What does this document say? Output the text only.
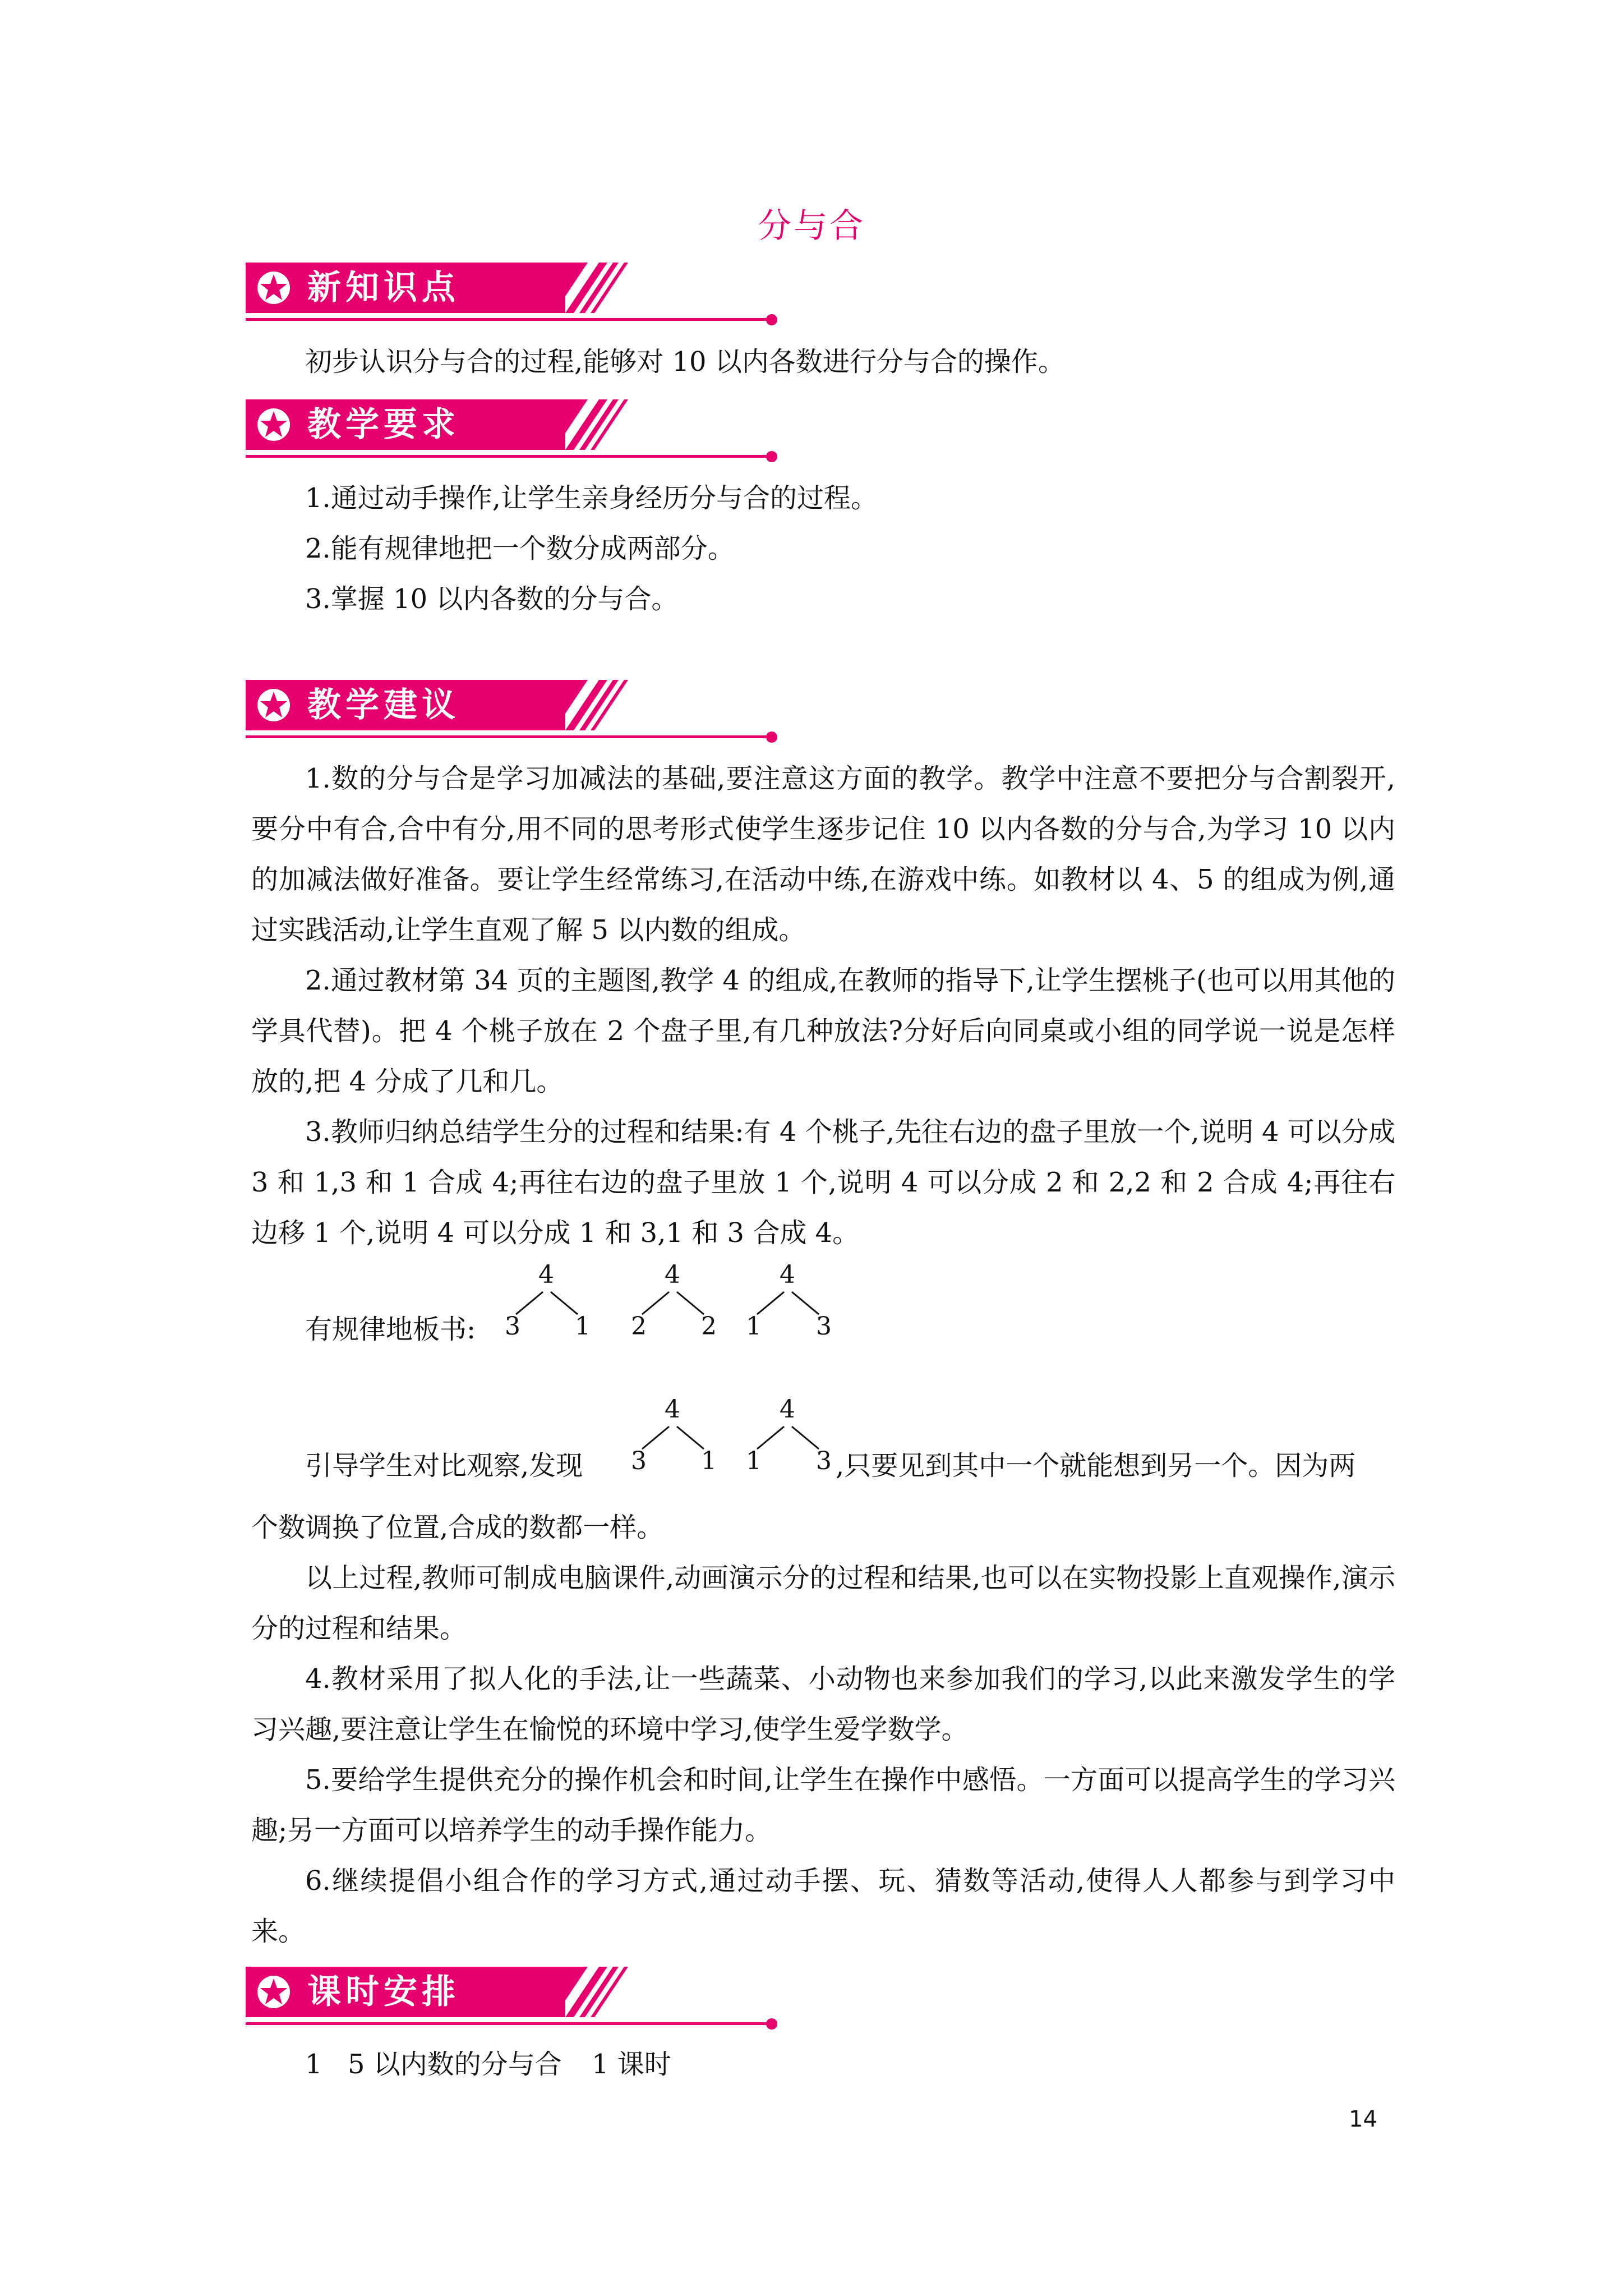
分与合
新知识点
初步认识分与合的过程,能够对 10 以内各数进行分与合的操作。
教学要求
1.通过动手操作,让学生亲身经历分与合的过程。
2.能有规律地把一个数分成两部分。
3.掌握 10 以内各数的分与合。
教学建议
1.数的分与合是学习加减法的基础,要注意这方面的教学。教学中注意不要把分与合割裂开,要分中有合,合中有分,用不同的思考形式使学生逐步记住 10 以内各数的分与合,为学习 10 以内的加减法做好准备。要让学生经常练习,在活动中练,在游戏中练。如教材以 4、5 的组成为例,通过实践活动,让学生直观了解 5 以内数的组成。
2.通过教材第 34 页的主题图,教学 4 的组成,在教师的指导下,让学生摆桃子(也可以用其他的学具代替)。把 4 个桃子放在 2 个盘子里,有几种放法?分好后向同桌或小组的同学说一说是怎样放的,把 4 分成了几和几。
3.教师归纳总结学生分的过程和结果:有 4 个桃子,先往右边的盘子里放一个,说明 4 可以分成 3 和 1,3 和 1 合成 4;再往右边的盘子里放 1 个,说明 4 可以分成 2 和 2,2 和 2 合成 4;再往右边移 1 个,说明 4 可以分成 1 和 3,1 和 3 合成 4。
有规律地板书:
4
3 1
4
2 2
4
1 3
引导学生对比观察,发现
4
3 1
4
1 3 ,只要见到其中一个就能想到另一个。因为两
个数调换了位置,合成的数都一样。
以上过程,教师可制成电脑课件,动画演示分的过程和结果,也可以在实物投影上直观操作,演示分的过程和结果。
4.教材采用了拟人化的手法,让一些蔬菜、小动物也来参加我们的学习,以此来激发学生的学习兴趣,要注意让学生在愉悦的环境中学习,使学生爱学数学。
5.要给学生提供充分的操作机会和时间,让学生在操作中感悟。一方面可以提高学生的学习兴趣;另一方面可以培养学生的动手操作能力。
6.继续提倡小组合作的学习方式,通过动手摆、玩、猜数等活动,使得人人都参与到学习中来。
课时安排
1 5 以内数的分与合 1 课时
14
